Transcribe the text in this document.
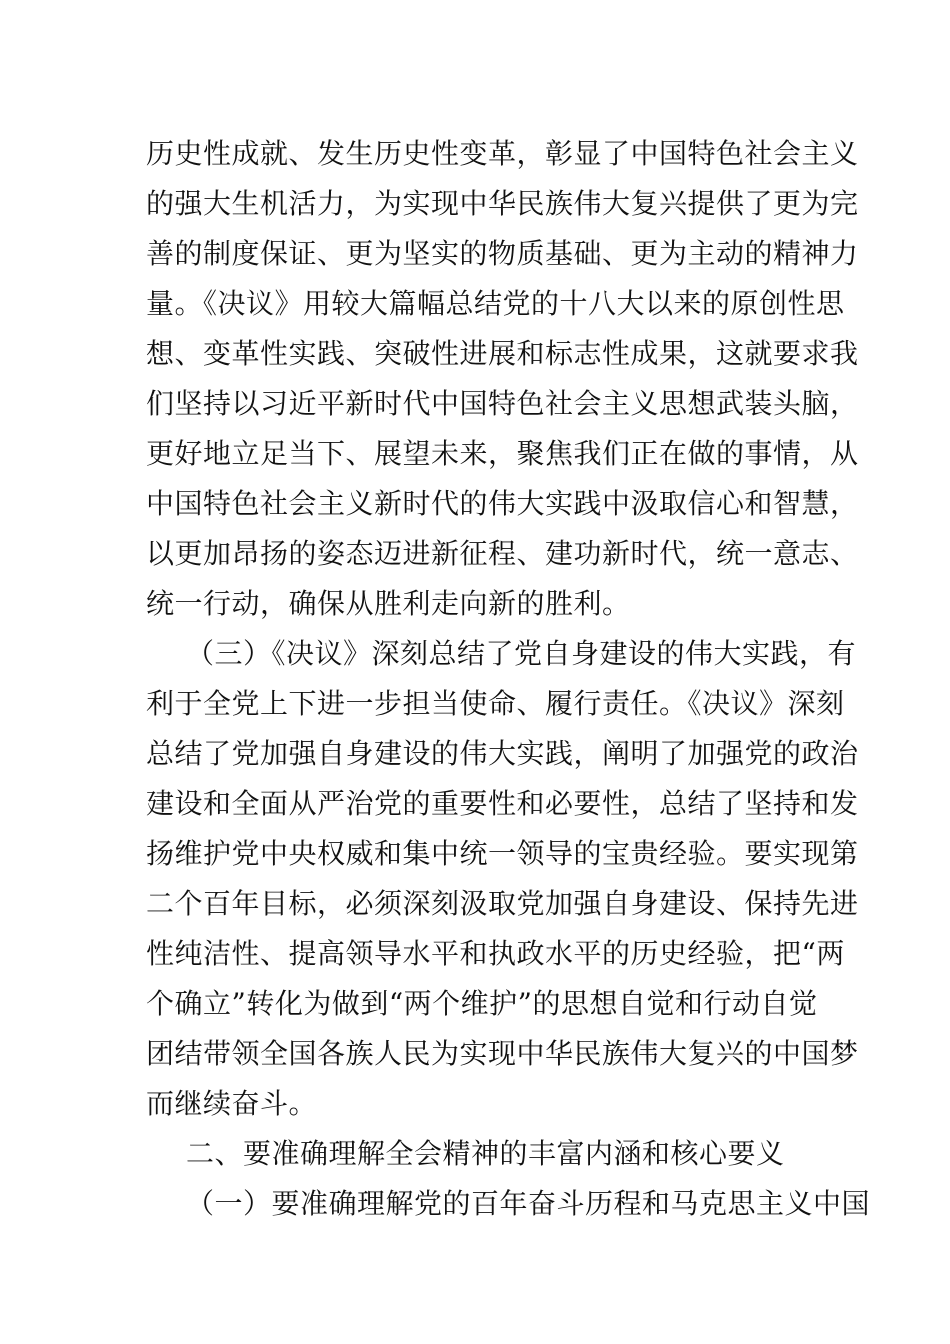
历史性成就、发生历史性变革，彰显了中国特色社会主义
的强大生机活力，为实现中华民族伟大复兴提供了更为完
善的制度保证、更为坚实的物质基础、更为主动的精神力
量。《决议》用较大篇幅总结党的十八大以来的原创性思
想、变革性实践、突破性进展和标志性成果，这就要求我
们坚持以习近平新时代中国特色社会主义思想武装头脑，
更好地立足当下、展望未来，聚焦我们正在做的事情，从
中国特色社会主义新时代的伟大实践中汲取信心和智慧，
以更加昂扬的姿态迈进新征程、建功新时代，统一意志、
统一行动，确保从胜利走向新的胜利。
（三）《决议》深刻总结了党自身建设的伟大实践，有
利于全党上下进一步担当使命、履行责任。《决议》深刻
总结了党加强自身建设的伟大实践，阐明了加强党的政治
建设和全面从严治党的重要性和必要性，总结了坚持和发
扬维护党中央权威和集中统一领导的宝贵经验。要实现第
二个百年目标，必须深刻汲取党加强自身建设、保持先进
性纯洁性、提高领导水平和执政水平的历史经验，把“两
个确立”转化为做到“两个维护”的思想自觉和行动自觉
团结带领全国各族人民为实现中华民族伟大复兴的中国梦
而继续奋斗。
二、要准确理解全会精神的丰富内涵和核心要义
（一）要准确理解党的百年奋斗历程和马克思主义中国
